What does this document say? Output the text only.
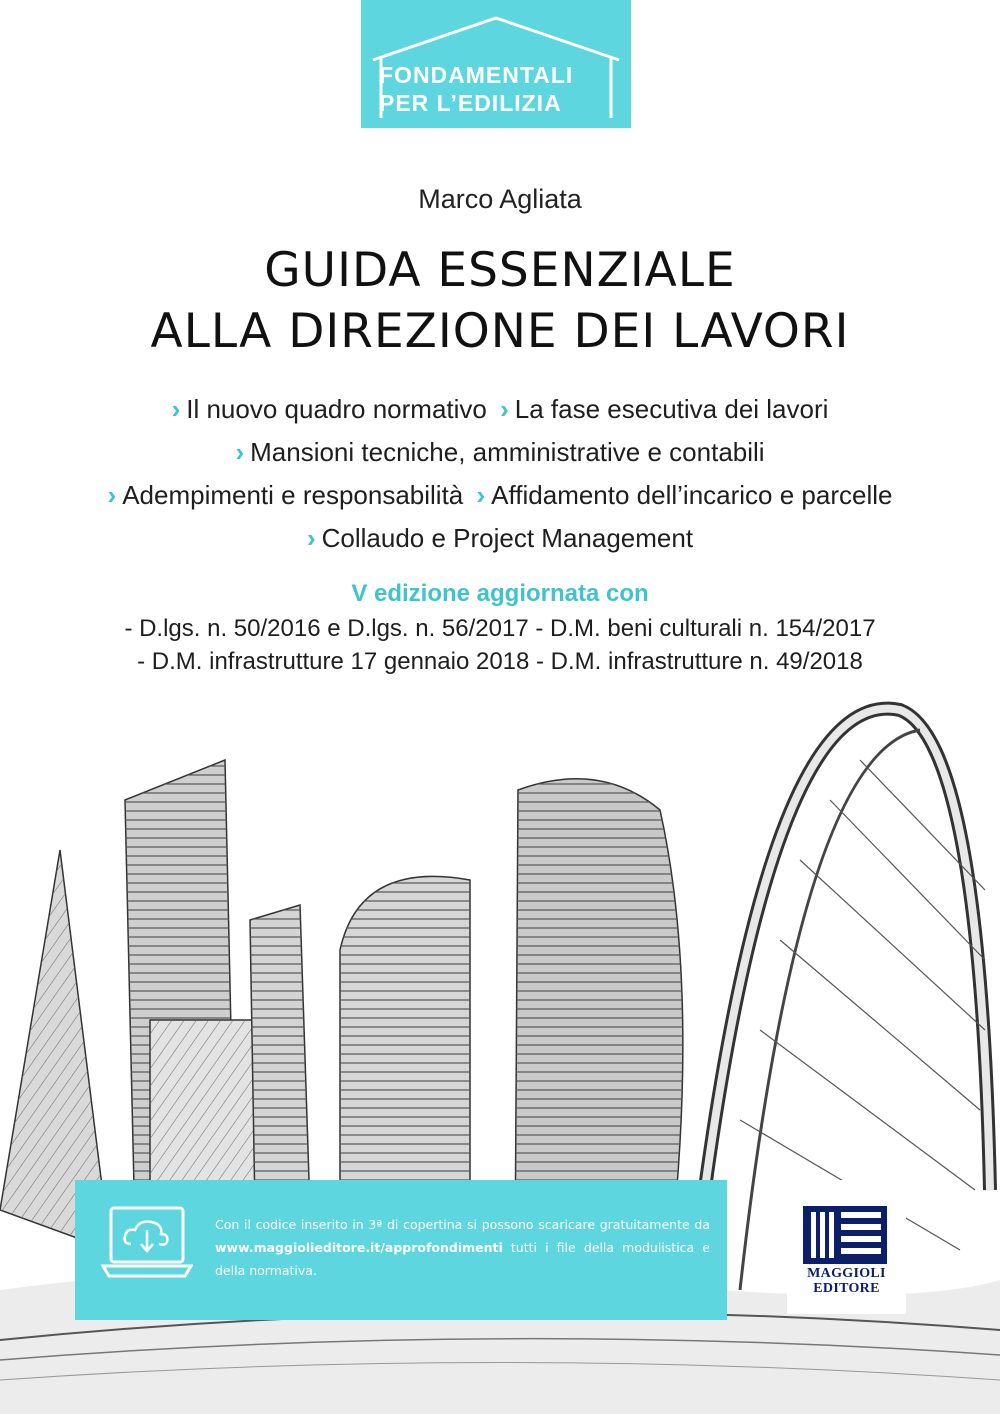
FONDAMENTALI
PER L’EDILIZIA
Marco Agliata
GUIDA ESSENZIALE
ALLA DIREZIONE DEI LAVORI
› Il nuovo quadro normativo › La fase esecutiva dei lavori
› Mansioni tecniche, amministrative e contabili
› Adempimenti e responsabilità › Affidamento dell’incarico e parcelle
› Collaudo e Project Management
V edizione aggiornata con
- D.lgs. n. 50/2016 e D.lgs. n. 56/2017 - D.M. beni culturali n. 154/2017
- D.M. infrastrutture 17 gennaio 2018 - D.M. infrastrutture n. 49/2018
Con il codice inserito in 3ª di copertina si possono scaricare gratuitamente da www.maggiolieditore.it/approfondimenti tutti i file della modulistica e della normativa.	MAGGIOLI
EDITORE
